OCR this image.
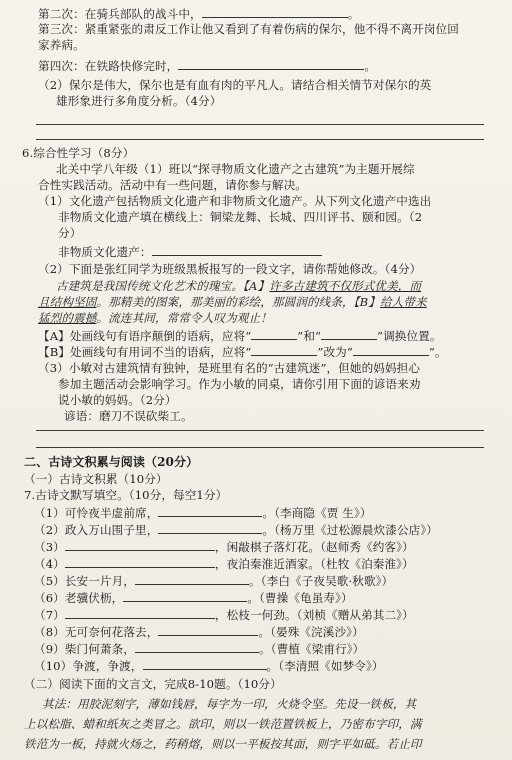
第二次：在骑兵部队的战斗中，	。
第三次：紧重紧张的肃反工作让他又看到了有着伤病的保尔，他不得不离开岗位回
家养病。
第四次：在铁路快修完时，	。
（2）保尔是伟大，保尔也是有血有肉的平凡人。请结合相关情节对保尔的英
雄形象进行多角度分析。（4分）
6.综合性学习（8分）
北关中学八年级（1）班以“探寻物质文化遗产之古建筑”为主题开展综
合性实践活动。活动中有一些问题，请你参与解决。
（1）文化遗产包括物质文化遗产和非物质文化遗产。从下列文化遗产中选出
非物质文化遗产填在横线上：铜梁龙舞、长城、四川评书、颐和园。（2
分）
非物质文化遗产：
（2）下面是张红同学为班级黑板报写的一段文字，请你帮她修改。（4分）
古建筑是我国传统文化艺术的瑰宝。【A】许多古建筑不仅形式优美，而
且结构坚固。那精美的图案，那美丽的彩绘，那圆润的线条，【B】给人带来
猛烈的震撼。流连其间，常常令人叹为观止！
【A】处画线句有语序颠倒的语病，应将“	”和“	”调换位置。
【B】处画线句有用词不当的语病，应将“	”改为“	”。
（3）小敏对古建筑情有独钟，是班里有名的“古建筑迷”，但她的妈妈担心
参加主题活动会影响学习。作为小敏的同桌，请你引用下面的谚语来劝
说小敏的妈妈。（2分）
谚语：磨刀不误砍柴工。
二、古诗文积累与阅读（20分）
（一）古诗文积累（10分）
7.古诗文默写填空。（10分，每空1分）
（1）可怜夜半虚前席，	。（李商隐《贾 生》）
（2）政入万山围子里，	。（杨万里《过松源晨炊漆公店》）
（3）	，闲敲棋子落灯花。（赵师秀《约客》）
（4）	，夜泊秦淮近酒家。（杜牧《泊秦淮》）
（5）长安一片月，	。（李白《子夜吴歌·秋歌》）
（6）老骥伏枥，	。（曹操《龟虽寿》）
（7）	，松枝一何劲。（刘桢《赠从弟其二》）
（8）无可奈何花落去，	。（晏殊《浣溪沙》）
（9）柴门何萧条，	。（曹植《梁甫行》）
（10）争渡，争渡，	。（李清照《如梦令》）
（二）阅读下面的文言文，完成8-10题。（10分）
其法：用胶泥刻字，薄如钱唇，每字为一印，火烧令坚。先设一铁板，其
上以松脂、蜡和纸灰之类冒之。欲印，则以一铁范置铁板上，乃密布字印，满
铁范为一板，持就火炀之，药稍熔，则以一平板按其面，则字平如砥。若止印
